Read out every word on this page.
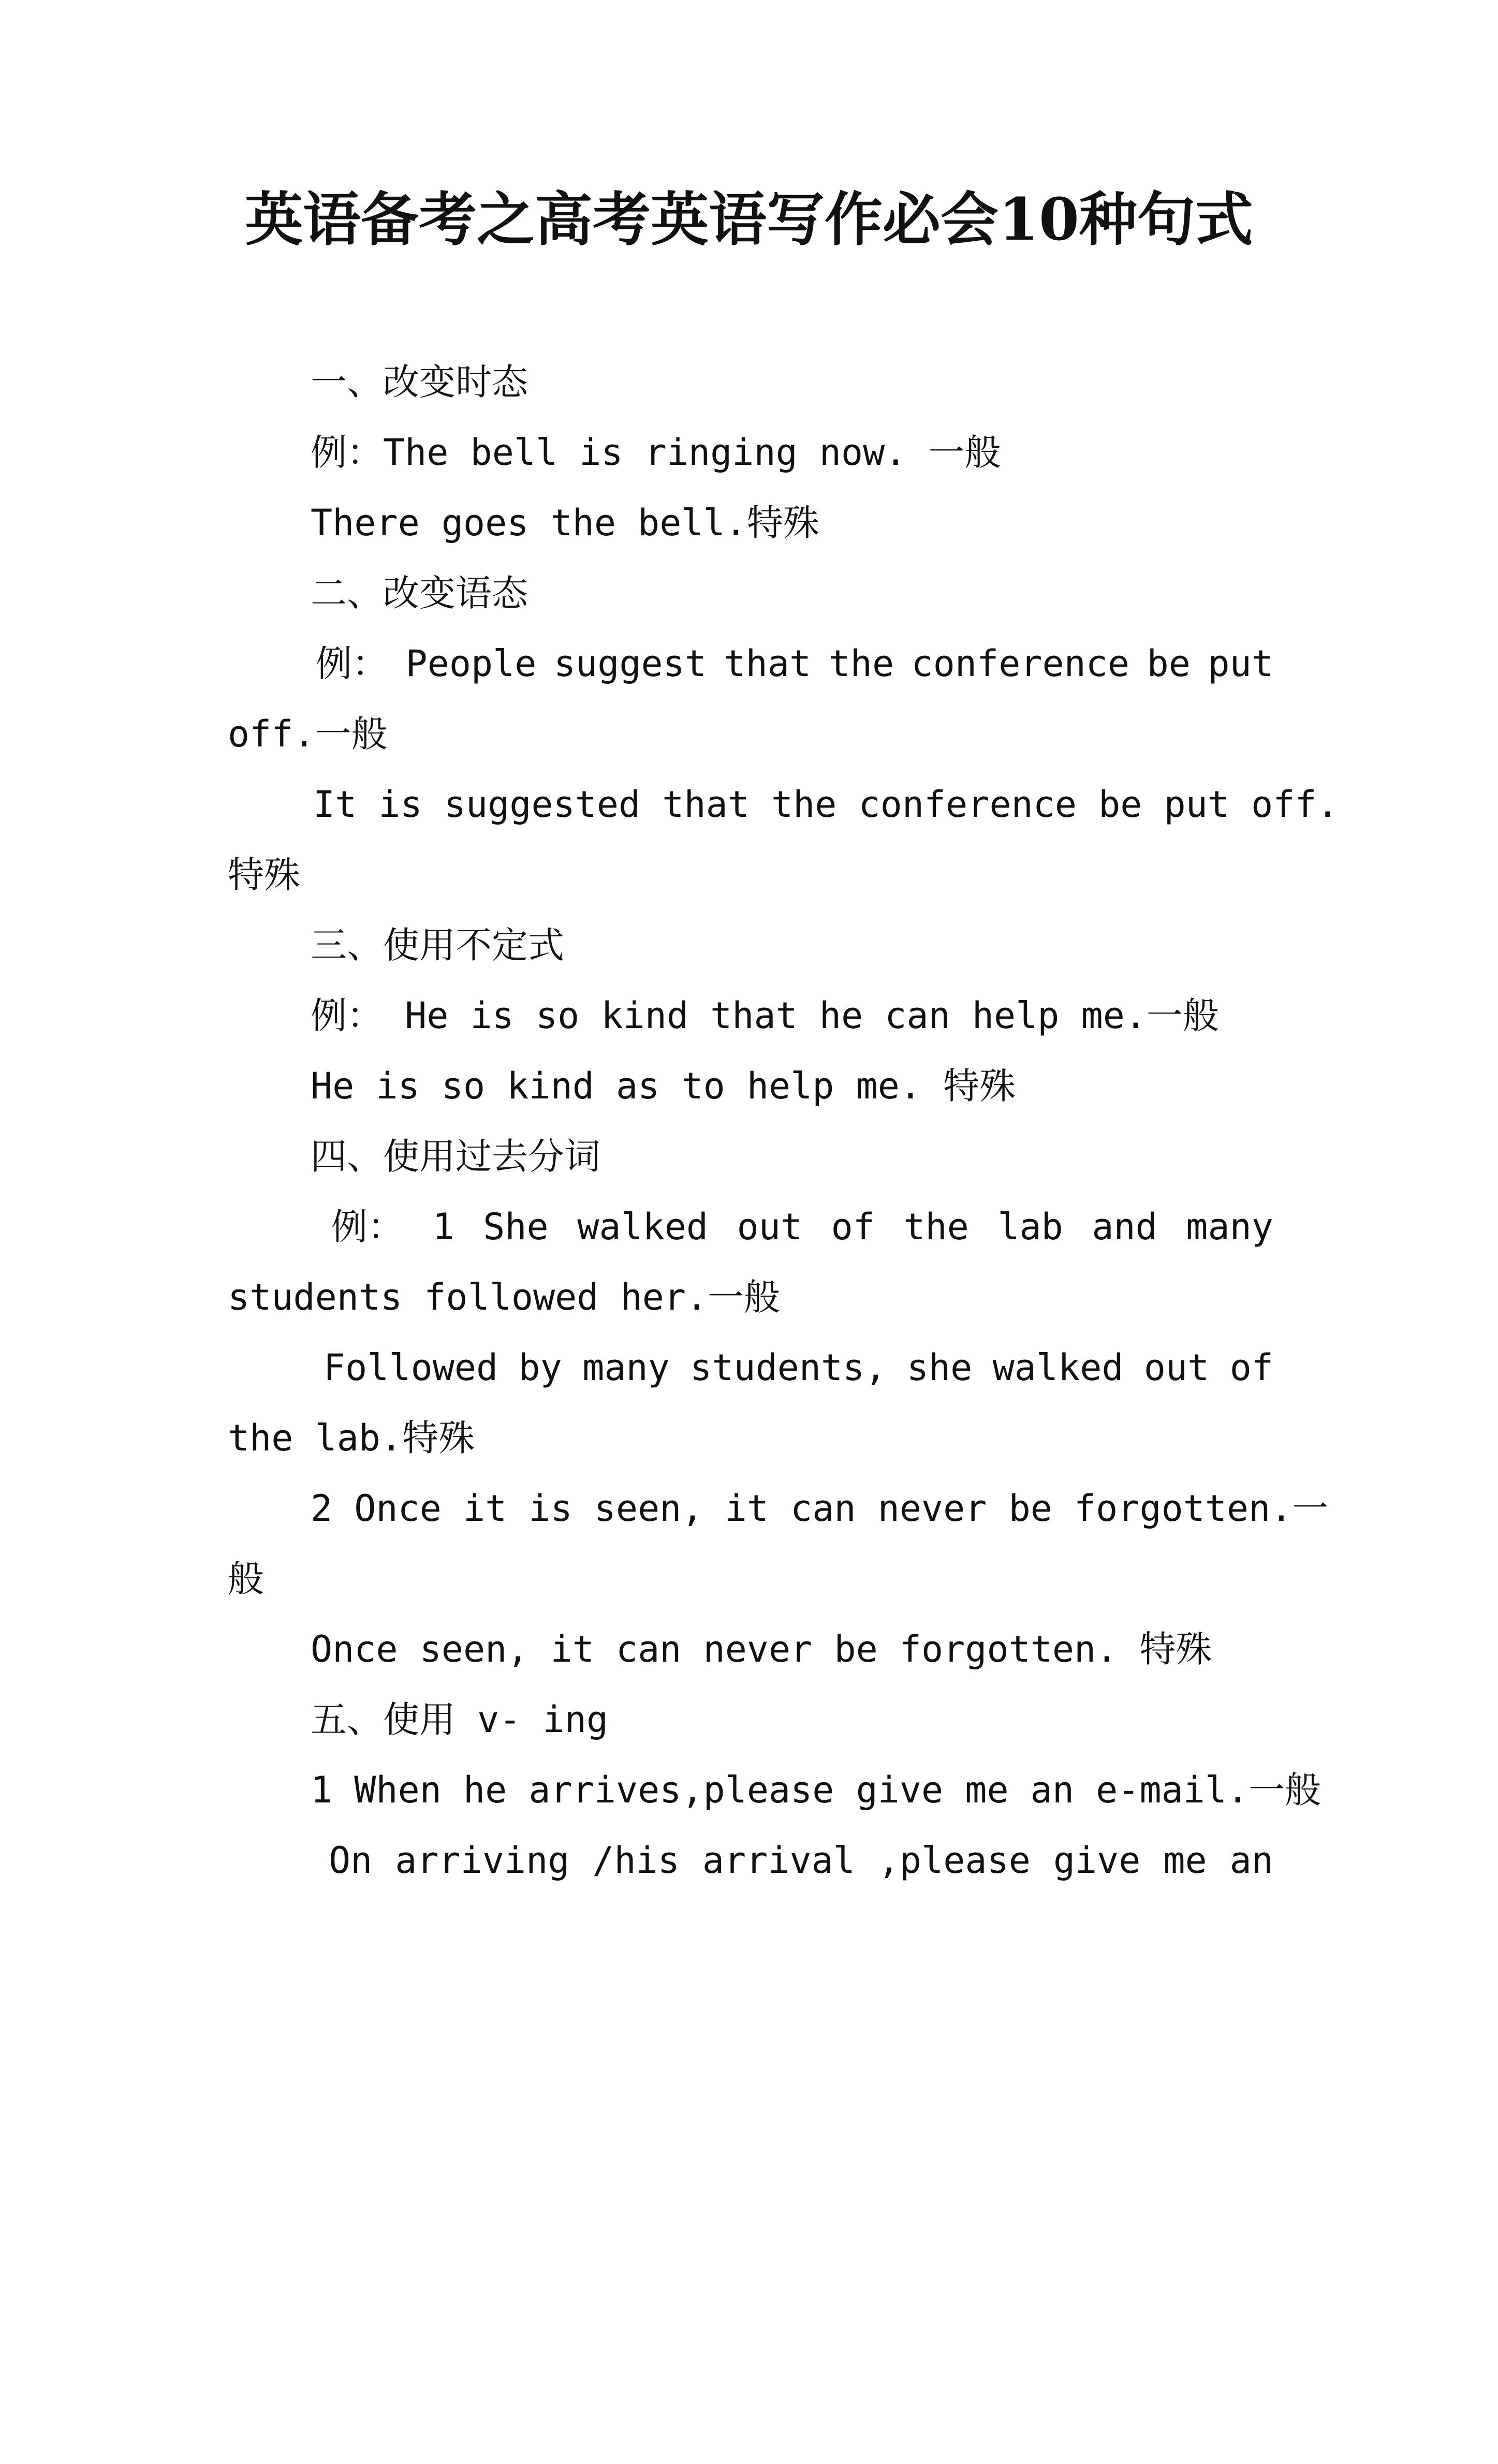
英语备考之高考英语写作必会10种句式

一、改变时态

例：The bell is ringing now. 一般

There goes the bell.特殊

二、改变语态

例： People suggest that the conference be put

off.一般

It is suggested that the conference be put off.

特殊

三、使用不定式

例： He is so kind that he can help me.一般

He is so kind as to help me. 特殊

四、使用过去分词

例： 1 She walked out of the lab and many

students followed her.一般

Followed by many students, she walked out of

the lab.特殊

2 Once it is seen, it can never be forgotten.一

般

Once seen, it can never be forgotten. 特殊

五、使用 v- ing

1 When he arrives,please give me an e-mail.一般

On arriving /his arrival ,please give me an
